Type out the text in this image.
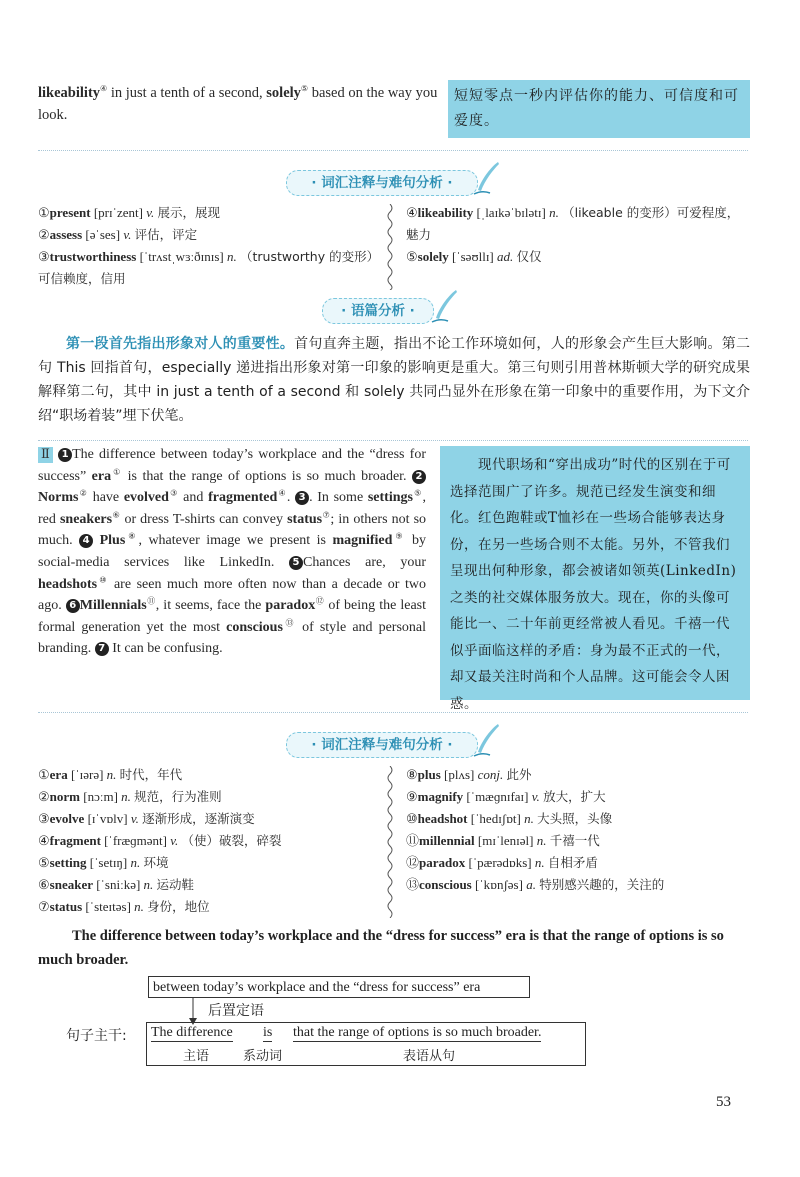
likeability④ in just a tenth of a second, solely⑤ based on the way you look.
短短零点一秒内评估你的能力、可信度和可爱度。
· 词汇注释与难句分析 ·
①present [prɪˈzent] v. 展示，展现
②assess [əˈses] v. 评估，评定
③trustworthiness [ˈtrʌstˌwɜːðɪnɪs] n. （trustworthy 的变形）可信赖度，信用
④likeability [ˌlaɪkəˈbɪlətɪ] n. （likeable 的变形）可爱程度，魅力
⑤solely [ˈsəʊllɪ] ad. 仅仅
· 语篇分析 ·
第一段首先指出形象对人的重要性。首句直奔主题，指出不论工作环境如何，人的形象会产生巨大影响。第二句 This 回指首句，especially 递进指出形象对第一印象的影响更是重大。第三句则引用普林斯顿大学的研究成果解释第二句，其中 in just a tenth of a second 和 solely 共同凸显外在形象在第一印象中的重要作用，为下文介绍“职场着装”埋下伏笔。
Ⅱ 1 The difference between today’s workplace and the “dress for success” era① is that the range of options is so much broader. 2 Norms② have evolved③ and fragmented④. 3 . In some settings⑤, red sneakers⑥ or dress T-shirts can convey status⑦; in others not so much. 4 Plus⑧, whatever image we present is magnified⑨ by social-media services like LinkedIn. 5 Chances are, your headshots⑩ are seen much more often now than a decade or two ago. 6 Millennials⑪, it seems, face the paradox⑫ of being the least formal generation yet the most conscious⑬ of style and personal branding. 7 It can be confusing.
现代职场和“穿出成功”时代的区别在于可选择范围广了许多。规范已经发生演变和细化。红色跑鞋或T恤衫在一些场合能够表达身份，在另一些场合则不太能。另外，不管我们呈现出何种形象，都会被诸如领英(LinkedIn)之类的社交媒体服务放大。现在，你的头像可能比一、二十年前更经常被人看见。千禧一代似乎面临这样的矛盾：身为最不正式的一代，却又最关注时尚和个人品牌。这可能会令人困惑。
· 词汇注释与难句分析 ·
①era [ˈɪərə] n. 时代，年代
②norm [nɔːm] n. 规范，行为准则
③evolve [ɪˈvɒlv] v. 逐渐形成，逐渐演变
④fragment [ˈfræɡmənt] v. （使）破裂，碎裂
⑤setting [ˈsetɪŋ] n. 环境
⑥sneaker [ˈsniːkə] n. 运动鞋
⑦status [ˈsteɪtəs] n. 身份，地位
⑧plus [plʌs] conj. 此外
⑨magnify [ˈmæɡnɪfaɪ] v. 放大，扩大
⑩headshot [ˈhedɪʃɒt] n. 大头照，头像
⑪millennial [mɪˈlenɪəl] n. 千禧一代
⑫paradox [ˈpærədɒks] n. 自相矛盾
⑬conscious [ˈkɒnʃəs] a. 特别感兴趣的，关注的
The difference between today’s workplace and the “dress for success” era is that the range of options is so much broader.
between today’s workplace and the “dress for success” era
后置定语
句子主干: The difference is that the range of options is so much broader.
主语	系动词	表语从句
53
